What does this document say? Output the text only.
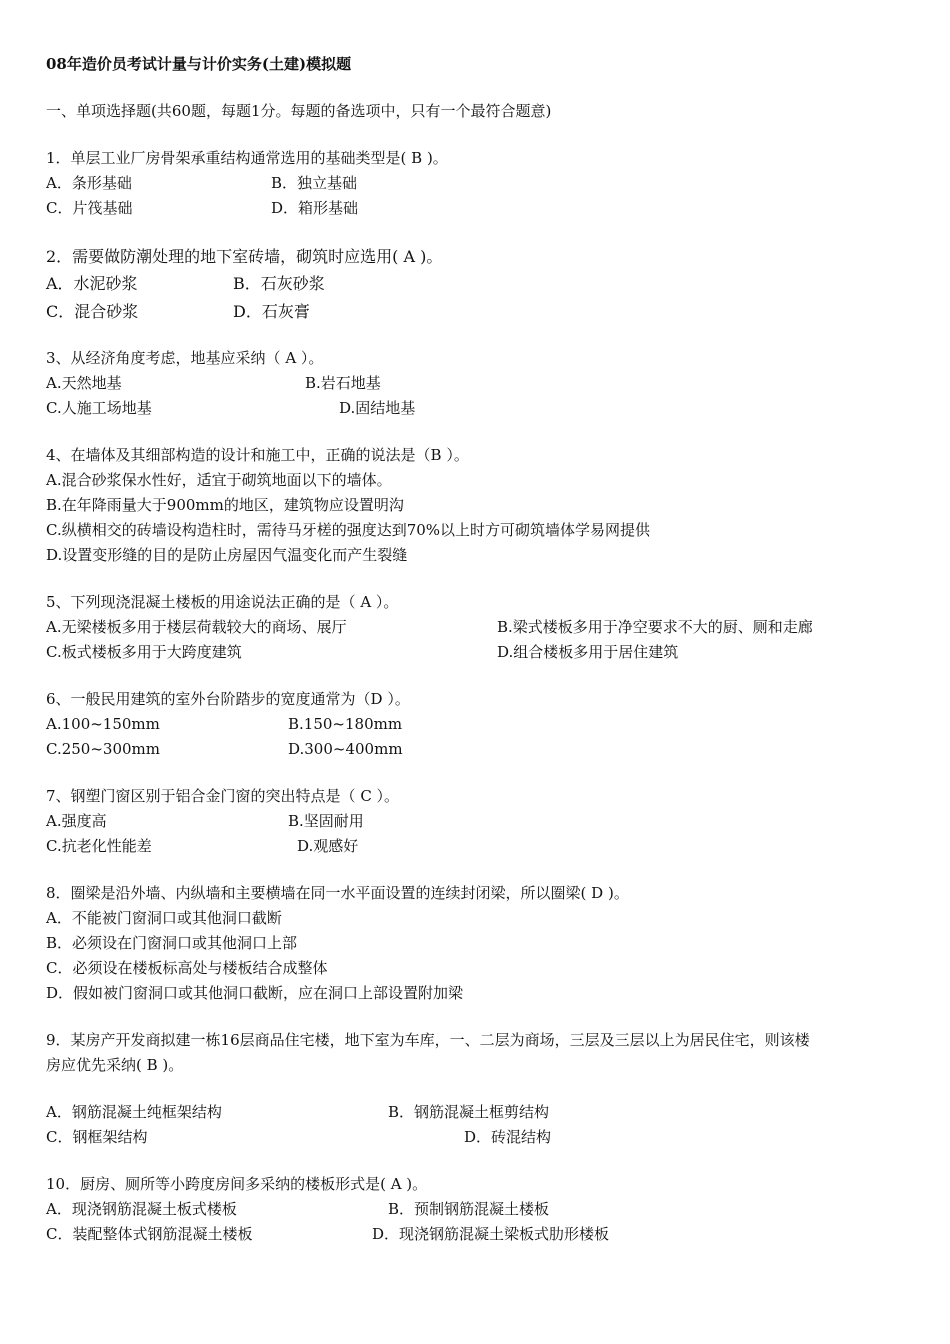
08年造价员考试计量与计价实务(土建)模拟题
一、单项选择题(共60题，每题1分。每题的备选项中，只有一个最符合题意)
1．单层工业厂房骨架承重结构通常选用的基础类型是( B )。
A．条形基础	B．独立基础
C．片筏基础	D．箱形基础
2．需要做防潮处理的地下室砖墙，砌筑时应选用( A )。
A．水泥砂浆	B．石灰砂浆
C．混合砂浆	D．石灰膏
3、从经济角度考虑，地基应采纳（ A ）。
A.天然地基	B.岩石地基
C.人施工场地基	D.固结地基
4、在墙体及其细部构造的设计和施工中，正确的说法是（B ）。
A.混合砂浆保水性好，适宜于砌筑地面以下的墙体。
B.在年降雨量大于900mm的地区，建筑物应设置明沟
C.纵横相交的砖墙设构造柱时，需待马牙槎的强度达到70%以上时方可砌筑墙体学易网提供
D.设置变形缝的目的是防止房屋因气温变化而产生裂缝
5、下列现浇混凝土楼板的用途说法正确的是（ A ）。
A.无梁楼板多用于楼层荷载较大的商场、展厅	B.梁式楼板多用于净空要求不大的厨、厕和走廊
C.板式楼板多用于大跨度建筑	D.组合楼板多用于居住建筑
6、一般民用建筑的室外台阶踏步的宽度通常为（D ）。
A.100~150mm	B.150~180mm
C.250~300mm	D.300~400mm
7、钢塑门窗区别于铝合金门窗的突出特点是（ C ）。
A.强度高	B.坚固耐用
C.抗老化性能差	D.观感好
8．圈梁是沿外墙、内纵墙和主要横墙在同一水平面设置的连续封闭梁，所以圈梁( D )。
A．不能被门窗洞口或其他洞口截断
B．必须设在门窗洞口或其他洞口上部
C．必须设在楼板标高处与楼板结合成整体
D．假如被门窗洞口或其他洞口截断，应在洞口上部设置附加梁
9．某房产开发商拟建一栋16层商品住宅楼，地下室为车库，一、二层为商场，三层及三层以上为居民住宅，则该楼
房应优先采纳( B )。
A．钢筋混凝土纯框架结构	B．钢筋混凝土框剪结构
C．钢框架结构	D．砖混结构
10．厨房、厕所等小跨度房间多采纳的楼板形式是( A )。
A．现浇钢筋混凝土板式楼板	B．预制钢筋混凝土楼板
C．装配整体式钢筋混凝土楼板	D．现浇钢筋混凝土梁板式肋形楼板
